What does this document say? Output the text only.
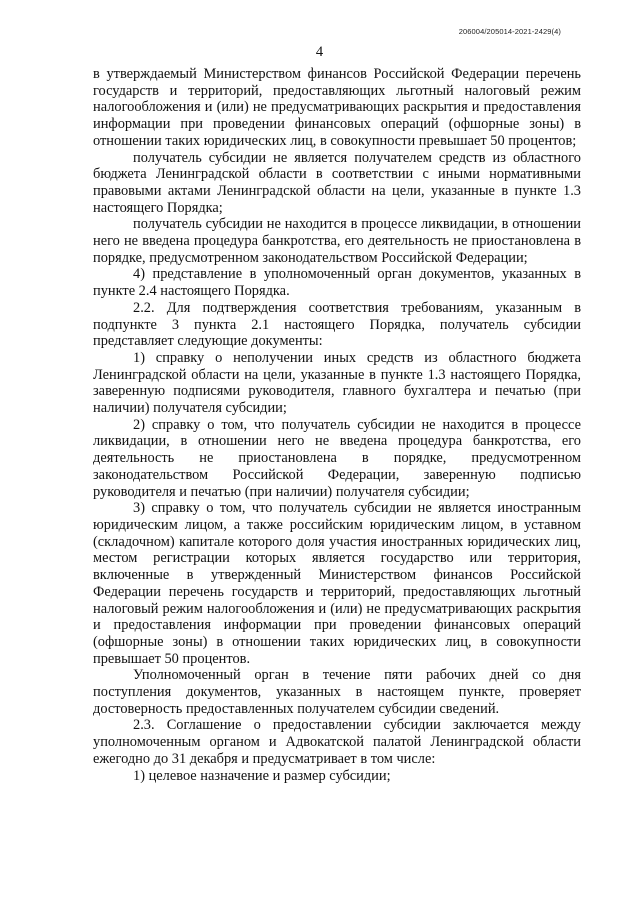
206004/205014-2021-2429(4)
4

в утверждаемый Министерством финансов Российской Федерации перечень государств и территорий, предоставляющих льготный налоговый режим налогообложения и (или) не предусматривающих раскрытия и предоставления информации при проведении финансовых операций (офшорные зоны) в отношении таких юридических лиц, в совокупности превышает 50 процентов;

получатель субсидии не является получателем средств из областного бюджета Ленинградской области в соответствии с иными нормативными правовыми актами Ленинградской области на цели, указанные в пункте 1.3 настоящего Порядка;

получатель субсидии не находится в процессе ликвидации, в отношении него не введена процедура банкротства, его деятельность не приостановлена в порядке, предусмотренном законодательством Российской Федерации;

4) представление в уполномоченный орган документов, указанных в пункте 2.4 настоящего Порядка.

2.2. Для подтверждения соответствия требованиям, указанным в подпункте 3 пункта 2.1 настоящего Порядка, получатель субсидии представляет следующие документы:

1) справку о неполучении иных средств из областного бюджета Ленинградской области на цели, указанные в пункте 1.3 настоящего Порядка, заверенную подписями руководителя, главного бухгалтера и печатью (при наличии) получателя субсидии;

2) справку о том, что получатель субсидии не находится в процессе ликвидации, в отношении него не введена процедура банкротства, его деятельность не приостановлена в порядке, предусмотренном законодательством Российской Федерации, заверенную подписью руководителя и печатью (при наличии) получателя субсидии;

3) справку о том, что получатель субсидии не является иностранным юридическим лицом, а также российским юридическим лицом, в уставном (складочном) капитале которого доля участия иностранных юридических лиц, местом регистрации которых является государство или территория, включенные в утвержденный Министерством финансов Российской Федерации перечень государств и территорий, предоставляющих льготный налоговый режим налогообложения и (или) не предусматривающих раскрытия и предоставления информации при проведении финансовых операций (офшорные зоны) в отношении таких юридических лиц, в совокупности превышает 50 процентов.

Уполномоченный орган в течение пяти рабочих дней со дня поступления документов, указанных в настоящем пункте, проверяет достоверность предоставленных получателем субсидии сведений.

2.3. Соглашение о предоставлении субсидии заключается между уполномоченным органом и Адвокатской палатой Ленинградской области ежегодно до 31 декабря и предусматривает в том числе:

1) целевое назначение и размер субсидии;
